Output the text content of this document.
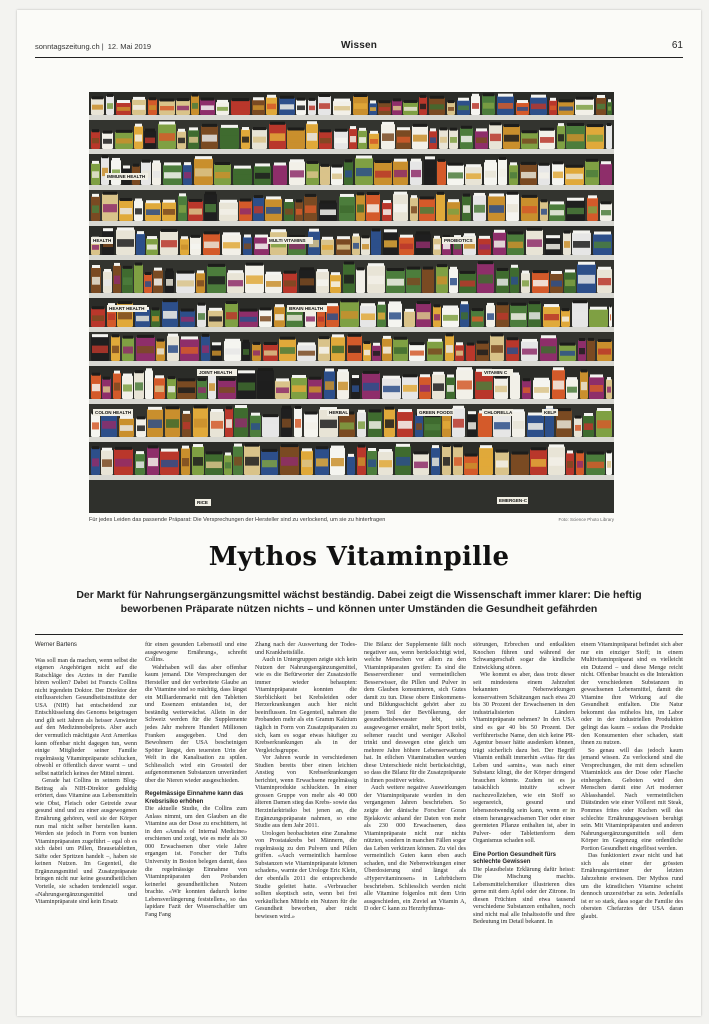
sonntagszeitung.ch | 12. Mai 2019	Wissen	61
IMMUNE HEALTH
MULTI VITAMINS
HEALTH	PROBIOTICS
HEART HEALTH	BRAIN HEALTH
JOINT HEALTH	VITAMIN C
GREEN FOODS	CHLORELLA	KELP
HERBAL
COLON HEALTH
EMERGEN-C
RICE
Für jedes Leiden das passende Präparat: Die Versprechungen der Hersteller sind zu verlockend, um sie zu hinterfragen	Foto: Science Photo Library
Mythos Vitaminpille
Der Markt für Nahrungsergänzungsmittel wächst beständig. Dabei zeigt die Wissenschaft immer klarer: Die heftig beworbenen Präparate nützen nichts – und können unter Umständen die Gesundheit gefährden

Werner Bartens

Was soll man da machen, wenn selbst die eigenen Angehörigen nicht auf die Ratschläge des Arztes in der Familie hören wollen? Dabei ist Francis Collins nicht irgendein Doktor. Der Direktor der einflussreichen Gesundheitsinstitute der USA (NIH) hat entscheidend zur Entschlüsselung des Genoms beigetragen und gilt seit Jahren als heisser Anwärter auf den Medizinnobelpreis. Aber auch der vermutlich mächtigste Arzt Amerikas kann offenbar nicht dagegen tun, wenn einige Mitglieder seiner Familie regelmässig Vitaminpräparate schlucken, obwohl er öffentlich davor warnt – und selbst natürlich keines der Mittel nimmt.

Gerade hat Collins in seinem Blog-Beitrag als NIH-Direktor geduldig erörtert, dass Vitamine aus Lebensmitteln wie Obst, Fleisch oder Getreide zwar gesund sind und zu einer ausgewogenen Ernährung gehören, weil sie der Körper nun mal nicht selber herstellen kann. Werden sie jedoch in Form von bunten Vitaminpräparaten zugeführt – egal ob es sich dabei um Pillen, Brausetabletten, Säfte oder Spritzen handelt –, haben sie keinen Nutzen. Im Gegenteil, die Ergänzungsmittel und Zusatzpräparate bringen nicht nur keine gesundheitlichen Vorteile, sie schaden tendenziell sogar. «Nahrungsergänzungsmittel und Vitaminpräparate sind kein Ersatz

für einen gesunden Lebensstil und eine ausgewogene Ernährung», schreibt Collins.

Wahrhaben will das aber offenbar kaum jemand. Die Versprechungen der Hersteller und der verbreitete Glaube an die Vitamine sind so mächtig, dass längst ein Milliardenmarkt mit den Tabletten und Essenzen entstanden ist, der beständig weiterwächst. Allein in der Schweiz werden für die Supplemente jedes Jahr mehrere Hundert Millionen Franken ausgegeben. Und den Bewohnern der USA bescheinigen Spötter längst, den teuersten Urin der Welt in die Kanalisation zu spülen. Schliesslich wird ein Grossteil der aufgenommenen Substanzen unverändert über die Nieren wieder ausgeschieden.

Regelmässige Einnahme kann das Krebsrisiko erhöhen

Die aktuelle Studie, die Collins zum Anlass nimmt, um den Glauben an die Vitamine aus der Dose zu erschüttern, ist in den «Annals of Internal Medicine» erschienen und zeigt, wie es mehr als 30 000 Erwachsenen über viele Jahre ergangen ist. Forscher der Tufts University in Boston belegen damit, dass die regelmässige Einnahme von Vitaminpräparaten den Probanden keinerlei gesundheitlichen Nutzen brachte. «Wir konnten dadurch keine Lebensverlängerung feststellen», so das lapidare Fazit der Wissenschaftler um Fang Fang

Zhang nach der Auswertung der Todes- und Krankheitsfälle.

Auch in Untergruppen zeigte sich kein Nutzen der Nahrungsergänzungsmittel, wie es die Befürworter der Zusatzstoffe immer wieder behaupten: Vitaminpräparate konnten die Sterblichkeit bei Krebsleiden oder Herzerkrankungen auch hier nicht beeinflussen. Im Gegenteil, nahmen die Probanden mehr als ein Gramm Kalzium täglich in Form von Zusatzpräparaten zu sich, kam es sogar etwas häufiger zu Krebserkrankungen als in der Vergleichsgruppe.

Vor Jahren wurde in verschiedenen Studien bereits über einen leichten Anstieg von Krebserkrankungen berichtet, wenn Erwachsene regelmässig Vitaminprodukte schluckten. In einer grossen Gruppe von mehr als 40 000 älteren Damen stieg das Krebs- sowie das Herzinfarktrisiko bei jenen an, die Ergänzungspräparate nahmen, so eine Studie aus dem Jahr 2011.

Urologen beobachteten eine Zunahme von Prostatakrebs bei Männern, die regelmässig zu den Pulvern und Pillen griffen. «Auch vermeintlich harmlose Substanzen wie Vitaminpräparate können schaden», warnte der Urologe Eric Klein, der ebenfalls 2011 die entsprechende Studie geleitet hatte. «Verbraucher sollten skeptisch sein, wenn bei frei verkäuflichen Mitteln ein Nutzen für die Gesundheit beworben, aber nicht bewiesen wird.»

Die Bilanz der Supplemente fällt noch negativer aus, wenn berücksichtigt wird, welche Menschen vor allem zu den Vitaminpräparaten greifen: Es sind die Besserverdiener und vermeintlichen Besserwisser, die Pillen und Pulver in dem Glauben konsumieren, sich Gutes damit zu tun. Diese obere Einkommens- und Bildungsschicht gehört aber zu jenem Teil der Bevölkerung, der gesundheitsbewusster lebt, sich ausgewogener ernährt, mehr Sport treibt, seltener raucht und weniger Alkohol trinkt und deswegen eine gleich um mehrere Jahre höhere Lebenserwartung hat. In etlichen Vitaminstudien wurden diese Unterschiede nicht berücksichtigt, so dass die Bilanz für die Zusatzpräparate in ihnen positiver wirkte.

Auch weitere negative Auswirkungen der Vitaminpräparate wurden in den vergangenen Jahren beschrieben. So zeigte der dänische Forscher Goran Bjelakovic anhand der Daten von mehr als 230 000 Erwachsenen, dass Vitaminpräparate nicht nur nichts nützten, sondern in manchen Fällen sogar das Leben verkürzen können. Zu viel des vermeintlich Guten kann eben auch schaden, und die Nebenwirkungen einer Überdosierung sind längst als «Hypervitaminosen» in Lehrbüchern beschrieben. Schliesslich werden nicht alle Vitamine folgenlos mit dem Urin ausgeschieden, ein Zuviel an Vitamin A, D oder C kann zu Herzrhythmus-

störungen, Erbrechen und entkalkten Knochen führen und während der Schwangerschaft sogar die kindliche Entwicklung stören.

Wie kommt es aber, dass trotz dieser seit mindestens einem Jahrzehnt bekannten Nebenwirkungen konservativen Schätzungen nach etwa 20 bis 30 Prozent der Erwachsenen in den industrialisierten Ländern Vitaminpräparate nehmen? In den USA sind es gar 40 bis 50 Prozent. Der verführerische Name, den sich keine PR-Agentur besser hätte ausdenken können, trägt sicherlich dazu bei. Der Begriff Vitamin enthält immerhin «vita» für das Leben und «amin», was nach einer Substanz klingt, die der Körper dringend brauchen könnte. Zudem ist es ja tatsächlich intuitiv schwer nachzuvollziehen, wie ein Stoff so segensreich, gesund und lebensnotwendig sein kann, wenn er in einem herangewachsenen Tier oder einer geernteten Pflanze enthalten ist, aber in Pulver- oder Tablettenform dem Organismus schaden soll.

Eine Portion Gesundheit fürs schlechte Gewissen

Die plausibelste Erklärung dafür heisst: Die Mischung machts. Lebensmittelchemiker illustrieren dies gerne mit dem Apfel oder der Zitrone. In diesen Früchten sind etwa tausend verschiedene Substanzen enthalten, noch sind nicht mal alle Inhaltsstoffe und ihre Bedeutung im Detail bekannt. In

einem Vitaminpräparat befindet sich aber nur ein einziger Stoff; in einem Multivitaminpräparat sind es vielleicht ein Dutzend – und diese Menge reicht nicht. Offenbar braucht es die Interaktion der verschiedenen Substanzen in gewachsenen Lebensmittel, damit die Vitamine ihre Wirkung auf die Gesundheit entfalten. Die Natur bekommt das mühelos hin, im Labor oder in der industriellen Produktion gelingt das kaum – sodass die Produkte den Konsumenten eher schaden, statt ihnen zu nutzen.

So genau will das jedoch kaum jemand wissen. Zu verlockend sind die Versprechungen, die mit dem schnellen Vitaminkick aus der Dose oder Flasche einhergehen. Geboten wird den Menschen damit eine Art moderner Ablasshandel. Nach vermeintlichen Diätsünden wie einer Völlerei mit Steak, Pommes frites oder Kuchen will das schlechte Ernährungsgewissen beruhigt sein. Mit Vitaminpräparaten und anderen Nahrungsergänzungsmitteln soll dem Körper im Gegenzug eine ordentliche Portion Gesundheit eingeflösst werden.

Das funktioniert zwar nicht und hat sich als einer der grössten Ernährungsirrtümer der letzten Jahrzehnte erwiesen. Der Mythos rund um die künstlichen Vitamine scheint dennoch unzerstörbar zu sein. Jedenfalls ist er so stark, dass sogar die Familie des obersten Chefarztes der USA daran glaubt.
